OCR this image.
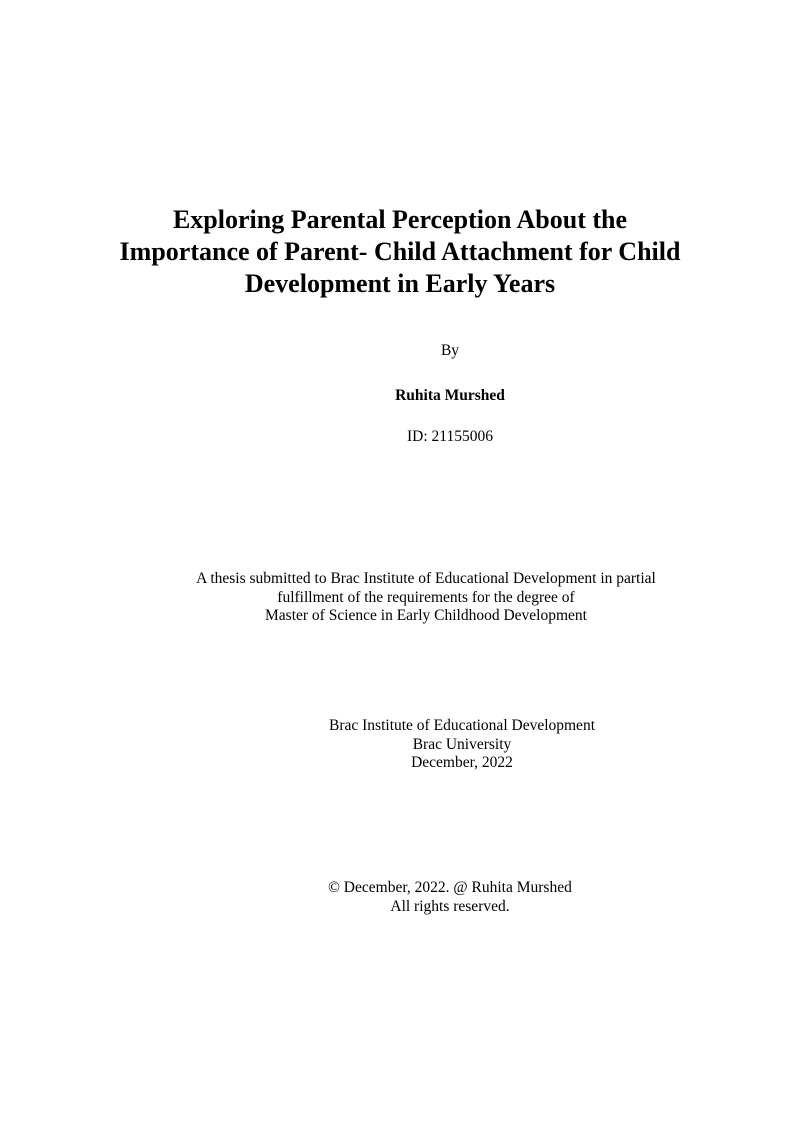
Exploring Parental Perception About the
Importance of Parent- Child Attachment for Child
Development in Early Years
By
Ruhita Murshed
ID: 21155006
A thesis submitted to Brac Institute of Educational Development in partial
fulfillment of the requirements for the degree of
Master of Science in Early Childhood Development
Brac Institute of Educational Development
Brac University
December, 2022
© December, 2022. @ Ruhita Murshed
All rights reserved.
